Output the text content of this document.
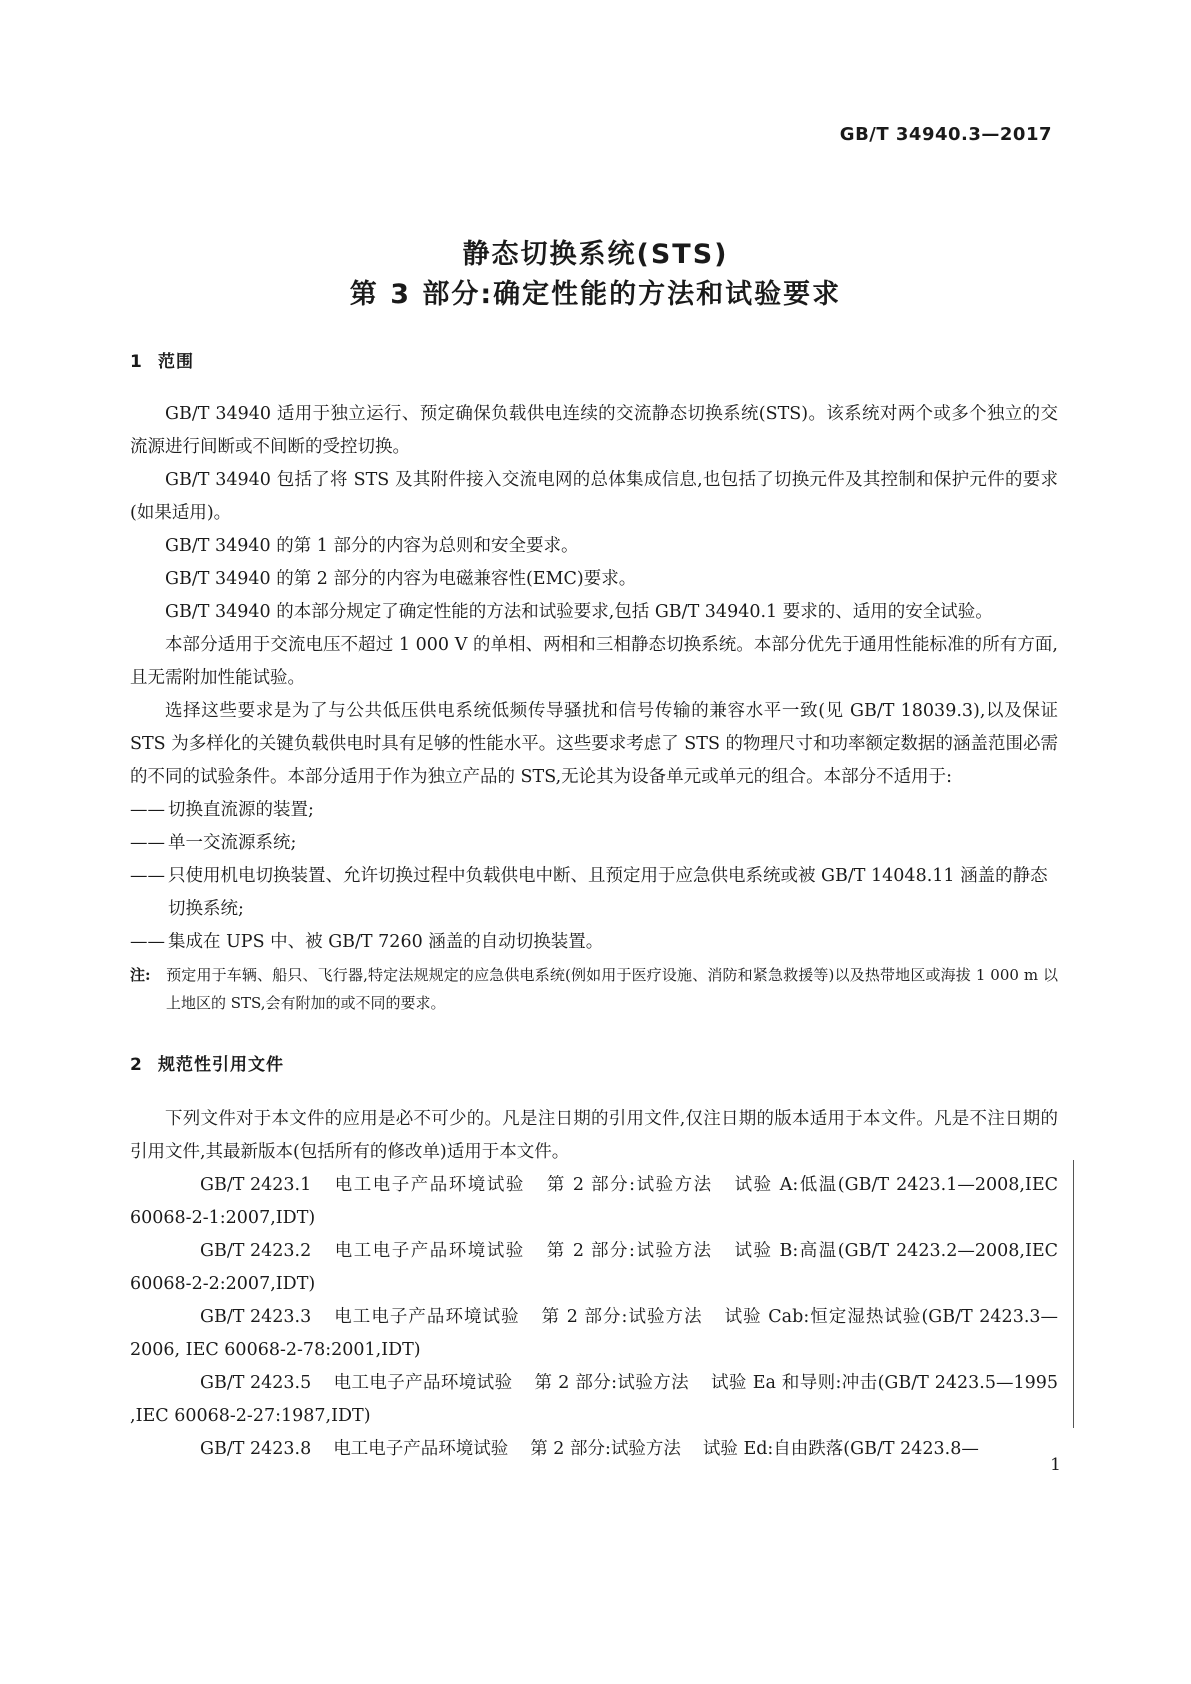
GB/T 34940.3—2017
静态切换系统(STS)
第 3 部分:确定性能的方法和试验要求
1 范围

GB/T 34940 适用于独立运行、预定确保负载供电连续的交流静态切换系统(STS)。该系统对两个或多个独立的交流源进行间断或不间断的受控切换。

GB/T 34940 包括了将 STS 及其附件接入交流电网的总体集成信息,也包括了切换元件及其控制和保护元件的要求(如果适用)。

GB/T 34940 的第 1 部分的内容为总则和安全要求。

GB/T 34940 的第 2 部分的内容为电磁兼容性(EMC)要求。

GB/T 34940 的本部分规定了确定性能的方法和试验要求,包括 GB/T 34940.1 要求的、适用的安全试验。

本部分适用于交流电压不超过 1 000 V 的单相、两相和三相静态切换系统。本部分优先于通用性能标准的所有方面,且无需附加性能试验。

选择这些要求是为了与公共低压供电系统低频传导骚扰和信号传输的兼容水平一致(见 GB/T 18039.3),以及保证 STS 为多样化的关键负载供电时具有足够的性能水平。这些要求考虑了 STS 的物理尺寸和功率额定数据的涵盖范围必需的不同的试验条件。本部分适用于作为独立产品的 STS,无论其为设备单元或单元的组合。本部分不适用于:

—— 切换直流源的装置;
—— 单一交流源系统;
—— 只使用机电切换装置、允许切换过程中负载供电中断、且预定用于应急供电系统或被 GB/T 14048.11 涵盖的静态切换系统;
—— 集成在 UPS 中、被 GB/T 7260 涵盖的自动切换装置。
注: 预定用于车辆、船只、飞行器,特定法规规定的应急供电系统(例如用于医疗设施、消防和紧急救援等)以及热带地区或海拔 1 000 m 以上地区的 STS,会有附加的或不同的要求。
2 规范性引用文件

下列文件对于本文件的应用是必不可少的。凡是注日期的引用文件,仅注日期的版本适用于本文件。凡是不注日期的引用文件,其最新版本(包括所有的修改单)适用于本文件。

GB/T 2423.1 电工电子产品环境试验 第 2 部分:试验方法 试验 A:低温(GB/T 2423.1—2008,IEC 60068-2-1:2007,IDT)

GB/T 2423.2 电工电子产品环境试验 第 2 部分:试验方法 试验 B:高温(GB/T 2423.2—2008,IEC 60068-2-2:2007,IDT)

GB/T 2423.3 电工电子产品环境试验 第 2 部分:试验方法 试验 Cab:恒定湿热试验(GB/T 2423.3—2006, IEC 60068-2-78:2001,IDT)

GB/T 2423.5 电工电子产品环境试验 第 2 部分:试验方法 试验 Ea 和导则:冲击(GB/T 2423.5—1995 ,IEC 60068-2-27:1987,IDT)

GB/T 2423.8 电工电子产品环境试验 第 2 部分:试验方法 试验 Ed:自由跌落(GB/T 2423.8—

1
